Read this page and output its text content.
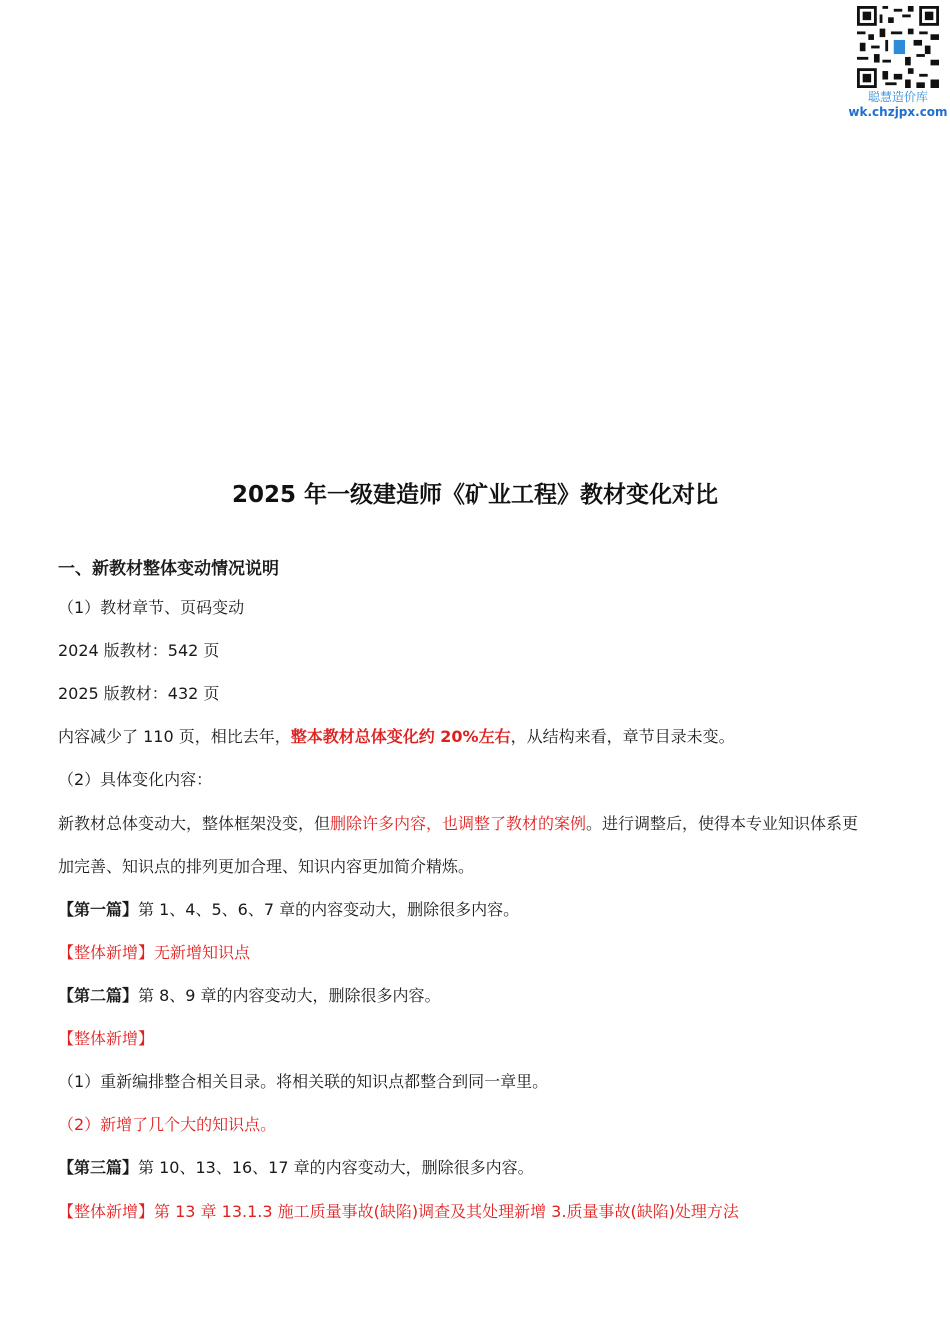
聪慧造价库
wk.chzjpx.com
2025 年一级建造师《矿业工程》教材变化对比

一、新教材整体变动情况说明

（1）教材章节、页码变动

2024 版教材：542 页

2025 版教材：432 页

内容减少了 110 页，相比去年，整本教材总体变化约 20%左右，从结构来看，章节目录未变。

（2）具体变化内容：

新教材总体变动大，整体框架没变，但删除许多内容，也调整了教材的案例。进行调整后，使得本专业知识体系更

加完善、知识点的排列更加合理、知识内容更加简介精炼。

【第一篇】第 1、4、5、6、7 章的内容变动大，删除很多内容。

【整体新增】无新增知识点

【第二篇】第 8、9 章的内容变动大，删除很多内容。

【整体新增】

（1）重新编排整合相关目录。将相关联的知识点都整合到同一章里。

（2）新增了几个大的知识点。

【第三篇】第 10、13、16、17 章的内容变动大，删除很多内容。

【整体新增】第 13 章 13.1.3 施工质量事故(缺陷)调查及其处理新增 3.质量事故(缺陷)处理方法
